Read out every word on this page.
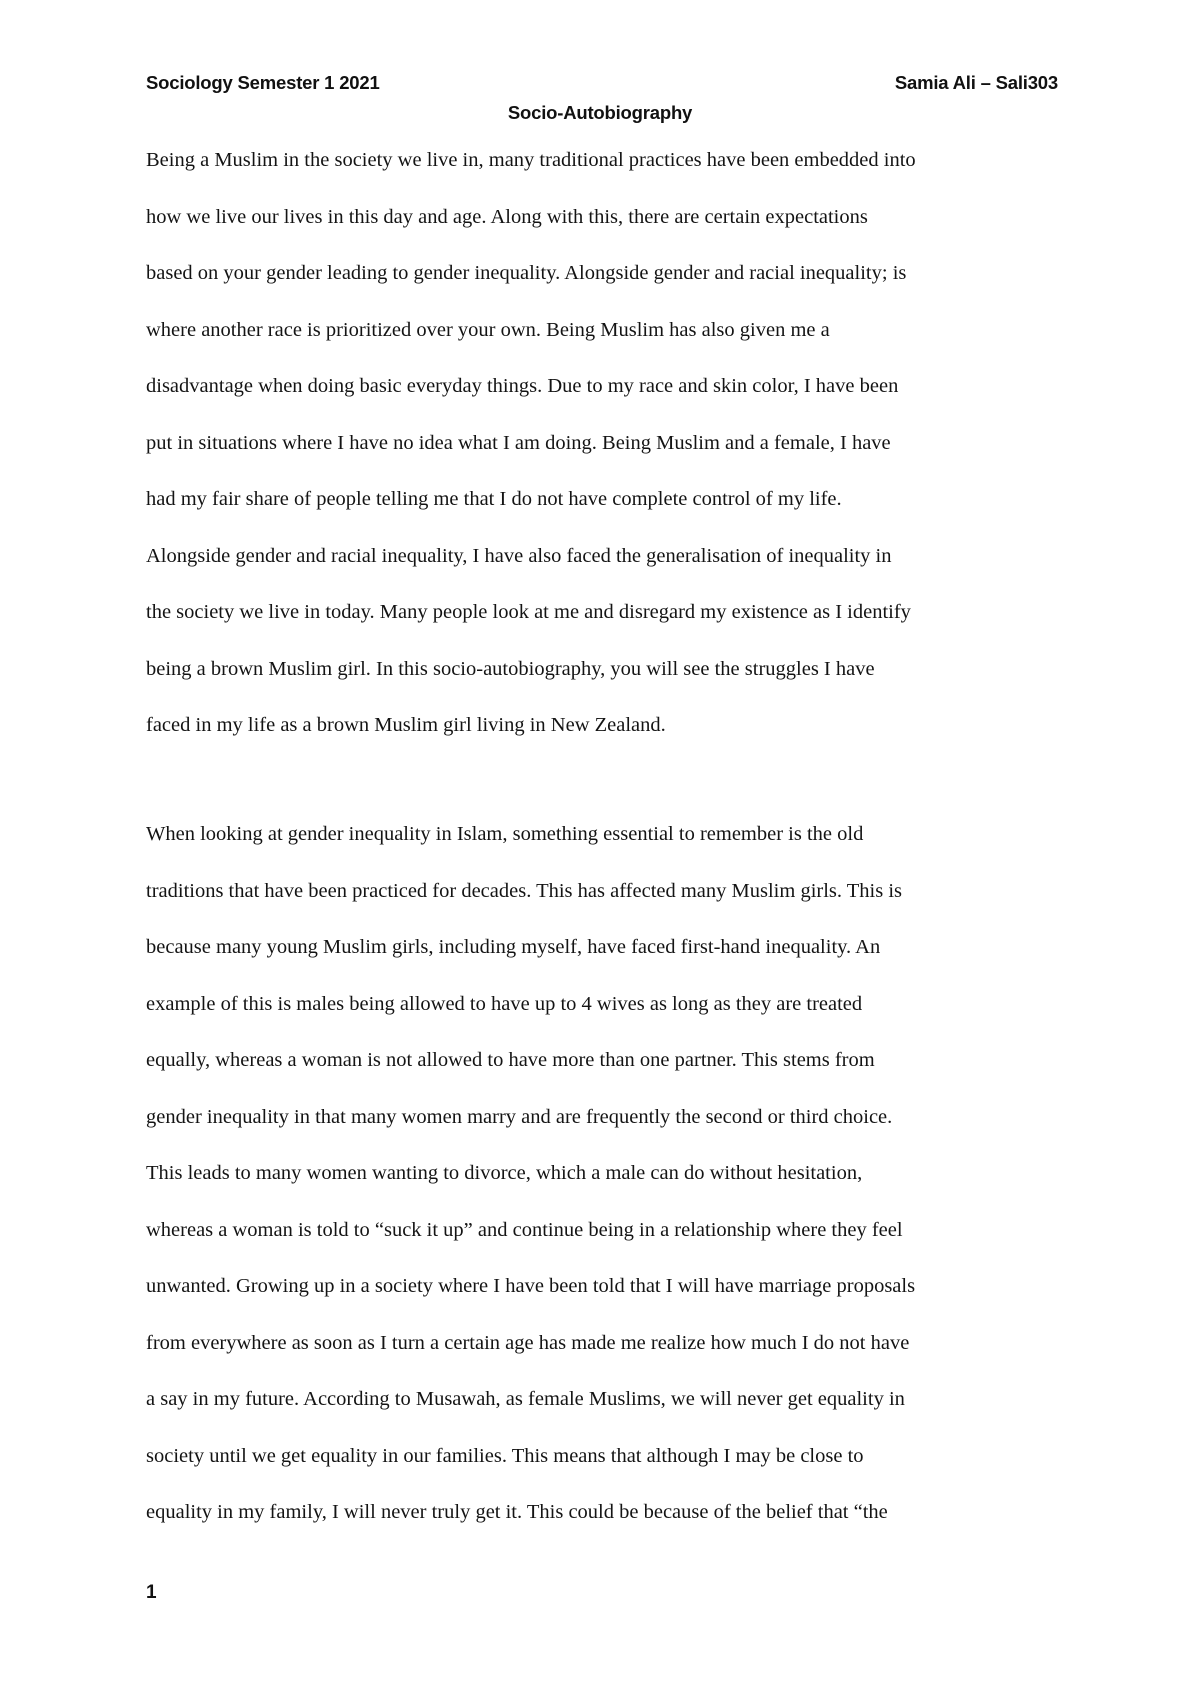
Sociology Semester 1 2021	Samia Ali – Sali303
Socio-Autobiography
Being a Muslim in the society we live in, many traditional practices have been embedded into
how we live our lives in this day and age. Along with this, there are certain expectations
based on your gender leading to gender inequality. Alongside gender and racial inequality; is
where another race is prioritized over your own. Being Muslim has also given me a
disadvantage when doing basic everyday things. Due to my race and skin color, I have been
put in situations where I have no idea what I am doing. Being Muslim and a female, I have
had my fair share of people telling me that I do not have complete control of my life.
Alongside gender and racial inequality, I have also faced the generalisation of inequality in
the society we live in today. Many people look at me and disregard my existence as I identify
being a brown Muslim girl. In this socio-autobiography, you will see the struggles I have
faced in my life as a brown Muslim girl living in New Zealand.
When looking at gender inequality in Islam, something essential to remember is the old
traditions that have been practiced for decades. This has affected many Muslim girls. This is
because many young Muslim girls, including myself, have faced first-hand inequality. An
example of this is males being allowed to have up to 4 wives as long as they are treated
equally, whereas a woman is not allowed to have more than one partner. This stems from
gender inequality in that many women marry and are frequently the second or third choice.
This leads to many women wanting to divorce, which a male can do without hesitation,
whereas a woman is told to “suck it up” and continue being in a relationship where they feel
unwanted. Growing up in a society where I have been told that I will have marriage proposals
from everywhere as soon as I turn a certain age has made me realize how much I do not have
a say in my future. According to Musawah, as female Muslims, we will never get equality in
society until we get equality in our families. This means that although I may be close to
equality in my family, I will never truly get it. This could be because of the belief that “the
1
